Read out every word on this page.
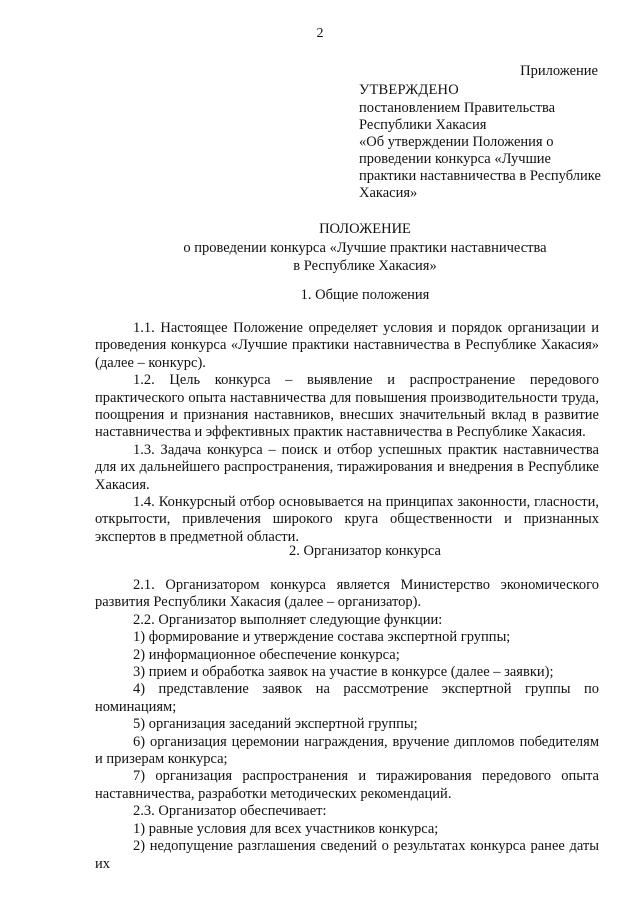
2
Приложение
УТВЕРЖДЕНО
постановлением Правительства
Республики Хакасия
«Об утверждении Положения о
проведении конкурса «Лучшие
практики наставничества в Республике
Хакасия»
ПОЛОЖЕНИЕ
о проведении конкурса «Лучшие практики наставничества
в Республике Хакасия»
1. Общие положения

1.1. Настоящее Положение определяет условия и порядок организации и проведения конкурса «Лучшие практики наставничества в Республике Хакасия» (далее – конкурс).

1.2. Цель конкурса – выявление и распространение передового практического опыта наставничества для повышения производительности труда, поощрения и признания наставников, внесших значительный вклад в развитие наставничества и эффективных практик наставничества в Республике Хакасия.

1.3. Задача конкурса – поиск и отбор успешных практик наставничества для их дальнейшего распространения, тиражирования и внедрения в Республике Хакасия.

1.4. Конкурсный отбор основывается на принципах законности, гласности, открытости, привлечения широкого круга общественности и признанных экспертов в предметной области.

2. Организатор конкурса

2.1. Организатором конкурса является Министерство экономического развития Республики Хакасия (далее – организатор).

2.2. Организатор выполняет следующие функции:

1) формирование и утверждение состава экспертной группы;

2) информационное обеспечение конкурса;

3) прием и обработка заявок на участие в конкурсе (далее – заявки);

4) представление заявок на рассмотрение экспертной группы по номинациям;

5) организация заседаний экспертной группы;

6) организация церемонии награждения, вручение дипломов победителям и призерам конкурса;

7) организация распространения и тиражирования передового опыта наставничества, разработки методических рекомендаций.

2.3. Организатор обеспечивает:

1) равные условия для всех участников конкурса;

2) недопущение разглашения сведений о результатах конкурса ранее даты их
